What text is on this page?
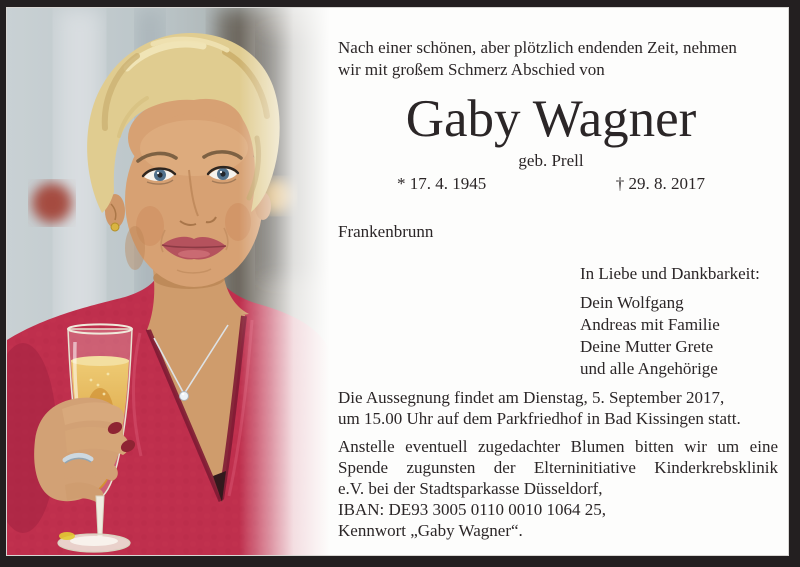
Nach einer schönen, aber plötzlich endenden Zeit, nehmen
wir mit großem Schmerz Abschied von
Gaby Wagner
geb. Prell
* 17. 4. 1945	† 29. 8. 2017
Frankenbrunn
In Liebe und Dankbarkeit:
Dein Wolfgang
Andreas mit Familie
Deine Mutter Grete
und alle Angehörige
Die Aussegnung findet am Dienstag, 5. September 2017,
um 15.00 Uhr auf dem Parkfriedhof in Bad Kissingen statt.
Anstelle eventuell zugedachter Blumen bitten wir um eine
Spende zugunsten der Elterninitiative Kinderkrebsklinik
e.V. bei der Stadtsparkasse Düsseldorf,
IBAN: DE93 3005 0110 0010 1064 25,
Kennwort „Gaby Wagner“.
